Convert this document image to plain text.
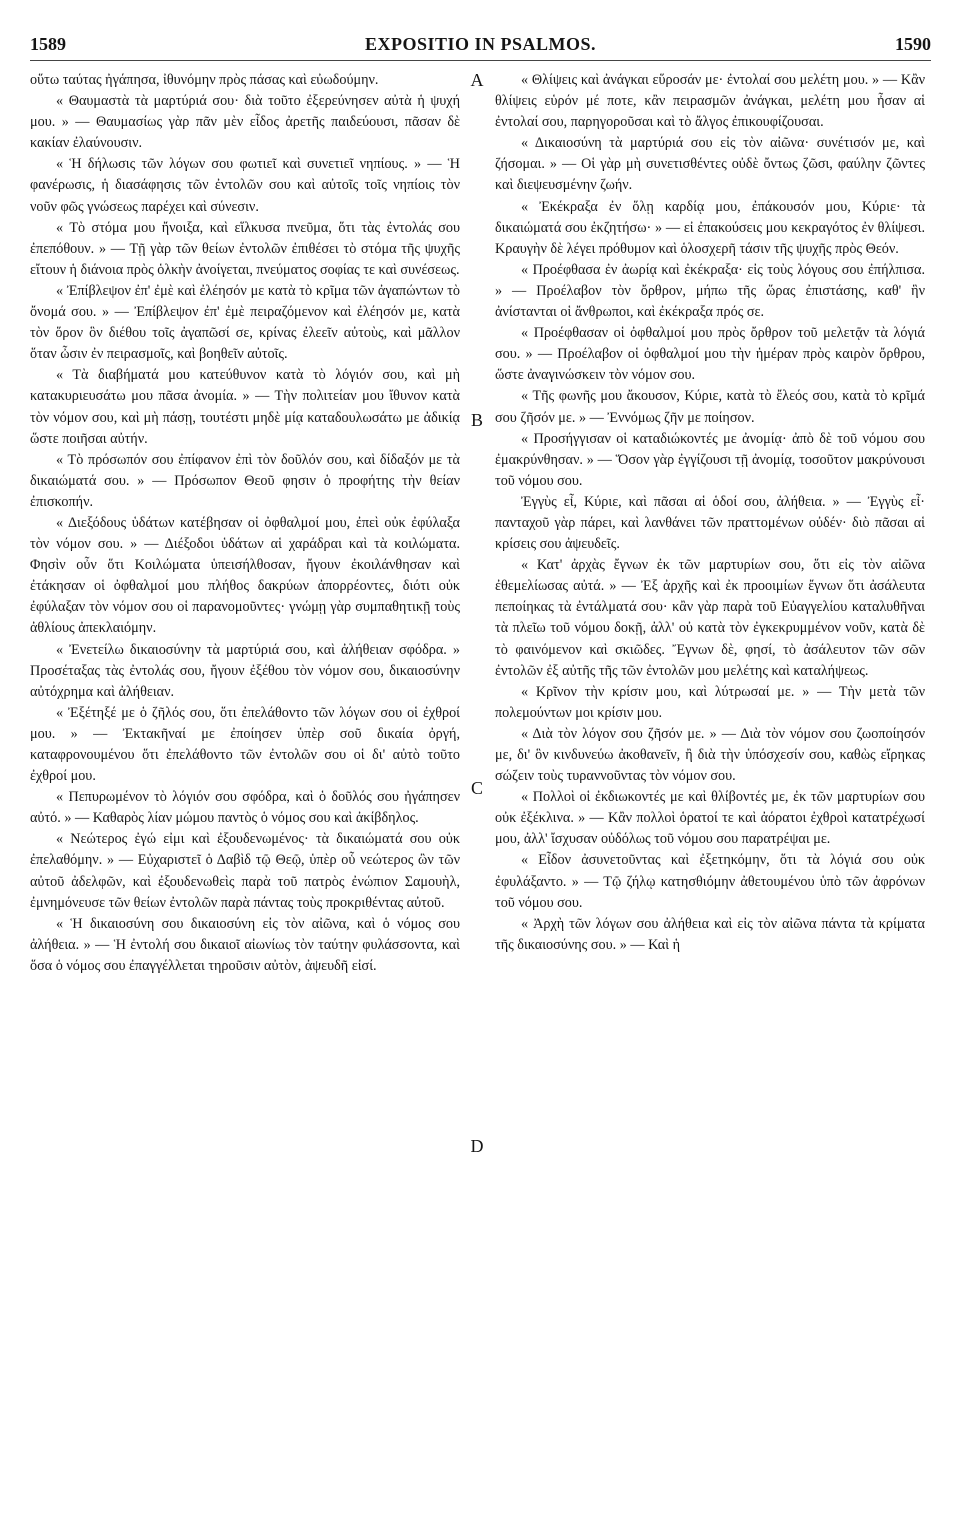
1589	EXPOSITIO IN PSALMOS.	1590

οὕτω ταύτας ἠγάπησα, ἰθυνόμην πρὸς πάσας καὶ εὐωδούμην.

« Θαυμαστὰ τὰ μαρτύριά σου· διὰ τοῦτο ἐξερεύνησεν αὐτὰ ἡ ψυχή μου. » — Θαυμασίως γὰρ πᾶν μὲν εἶδος ἀρετῆς παιδεύουσι, πᾶσαν δὲ κακίαν ἐλαύνουσιν.

« Ἡ δήλωσις τῶν λόγων σου φωτιεῖ καὶ συνετιεῖ νηπίους. » — Ἡ φανέρωσις, ἡ διασάφησις τῶν ἐντολῶν σου καὶ αὐτοῖς τοῖς νηπίοις τὸν νοῦν φῶς γνώσεως παρέχει καὶ σύνεσιν.

« Τὸ στόμα μου ἤνοιξα, καὶ εἵλκυσα πνεῦμα, ὅτι τὰς ἐντολάς σου ἐπεπόθουν. » — Τῇ γὰρ τῶν θείων ἐντολῶν ἐπιθέσει τὸ στόμα τῆς ψυχῆς εἴτουν ἡ διάνοια πρὸς ὁλκὴν ἀνοίγεται, πνεύματος σοφίας τε καὶ συνέσεως.

« Ἐπίβλεψον ἐπ' ἐμὲ καὶ ἐλέησόν με κατὰ τὸ κρῖμα τῶν ἀγαπώντων τὸ ὄνομά σου. » — Ἐπίβλεψον ἐπ' ἐμὲ πειραζόμενον καὶ ἐλέησόν με, κατὰ τὸν ὅρον ὃν διέθου τοῖς ἀγαπῶσί σε, κρίνας ἐλεεῖν αὐτοὺς, καὶ μᾶλλον ὅταν ὦσιν ἐν πειρασμοῖς, καὶ βοηθεῖν αὐτοῖς.

« Τὰ διαβήματά μου κατεύθυνον κατὰ τὸ λόγιόν σου, καὶ μὴ κατακυριευσάτω μου πᾶσα ἀνομία. » — Τὴν πολιτείαν μου ἴθυνον κατὰ τὸν νόμον σου, καὶ μὴ πάσῃ, τουτέστι μηδὲ μίᾳ καταδουλωσάτω με ἀδικίᾳ ὥστε ποιῆσαι αὐτήν.

« Τὸ πρόσωπόν σου ἐπίφανον ἐπὶ τὸν δοῦλόν σου, καὶ δίδαξόν με τὰ δικαιώματά σου. » — Πρόσωπον Θεοῦ φησιν ὁ προφήτης τὴν θείαν ἐπισκοπήν.

« Διεξόδους ὑδάτων κατέβησαν οἱ ὀφθαλμοί μου, ἐπεὶ οὐκ ἐφύλαξα τὸν νόμον σου. » — Διέξοδοι ὑδάτων αἱ χαράδραι καὶ τὰ κοιλώματα. Φησὶν οὖν ὅτι Κοιλώματα ὑπεισήλθοσαν, ἤγουν ἐκοιλάνθησαν καὶ ἐτάκησαν οἱ ὀφθαλμοί μου πλήθος δακρύων ἀπορρέοντες, διότι οὐκ ἐφύλαξαν τὸν νόμον σου οἱ παρανομοῦντες· γνώμῃ γὰρ συμπαθητικῇ τοὺς ἀθλίους ἀπεκλαιόμην.

« Ἐνετείλω δικαιοσύνην τὰ μαρτύριά σου, καὶ ἀλήθειαν σφόδρα. » Προσέταξας τὰς ἐντολάς σου, ἤγουν ἐξέθου τὸν νόμον σου, δικαιοσύνην αὐτόχρημα καὶ ἀλήθειαν.

« Ἐξέτηξέ με ὁ ζῆλός σου, ὅτι ἐπελάθοντο τῶν λόγων σου οἱ ἐχθροί μου. » — Ἐκτακῆναί με ἐποίησεν ὑπὲρ σοῦ δικαία ὀργή, καταφρονουμένου ὅτι ἐπελάθοντο τῶν ἐντολῶν σου οἱ δι' αὐτὸ τοῦτο ἐχθροί μου.

« Πεπυρωμένον τὸ λόγιόν σου σφόδρα, καὶ ὁ δοῦλός σου ἠγάπησεν αὐτό. » — Καθαρὸς λίαν μώμου παντὸς ὁ νόμος σου καὶ ἀκίβδηλος.

« Νεώτερος ἐγώ εἰμι καὶ ἐξουδενωμένος· τὰ δικαιώματά σου οὐκ ἐπελαθόμην. » — Εὐχαριστεῖ ὁ Δαβὶδ τῷ Θεῷ, ὑπὲρ οὗ νεώτερος ὢν τῶν αὐτοῦ ἀδελφῶν, καὶ ἐξουδενωθεὶς παρὰ τοῦ πατρὸς ἐνώπιον Σαμουὴλ, ἐμνημόνευσε τῶν θείων ἐντολῶν παρὰ πάντας τοὺς προκριθέντας αὐτοῦ.

« Ἡ δικαιοσύνη σου δικαιοσύνη εἰς τὸν αἰῶνα, καὶ ὁ νόμος σου ἀλήθεια. » — Ἡ ἐντολή σου δικαιοῖ αἰωνίως τὸν ταύτην φυλάσσοντα, καὶ ὅσα ὁ νόμος σου ἐπαγγέλλεται τηροῦσιν αὐτὸν, ἀψευδῆ εἰσί.

A
B
C
D

« Θλίψεις καὶ ἀνάγκαι εὕροσάν με· ἐντολαί σου μελέτη μου. » — Κἂν θλίψεις εὑρόν μέ ποτε, κἂν πειρασμῶν ἀνάγκαι, μελέτη μου ἦσαν αἱ ἐντολαί σου, παρηγοροῦσαι καὶ τὸ ἄλγος ἐπικουφίζουσαι.

« Δικαιοσύνη τὰ μαρτύριά σου εἰς τὸν αἰῶνα· συνέτισόν με, καὶ ζήσομαι. » — Οἱ γὰρ μὴ συνετισθέντες οὐδὲ ὄντως ζῶσι, φαύλην ζῶντες καὶ διεψευσμένην ζωήν.

« Ἐκέκραξα ἐν ὅλῃ καρδίᾳ μου, ἐπάκουσόν μου, Κύριε· τὰ δικαιώματά σου ἐκζητήσω· » — εἰ ἐπακούσεις μου κεκραγότος ἐν θλίψεσι. Κραυγὴν δὲ λέγει πρόθυμον καὶ ὁλοσχερῆ τάσιν τῆς ψυχῆς πρὸς Θεόν.

« Προέφθασα ἐν ἀωρίᾳ καὶ ἐκέκραξα· εἰς τοὺς λόγους σου ἐπήλπισα. » — Προέλαβον τὸν ὄρθρον, μήπω τῆς ὥρας ἐπιστάσης, καθ' ἣν ἀνίστανται οἱ ἄνθρωποι, καὶ ἐκέκραξα πρός σε.

« Προέφθασαν οἱ ὀφθαλμοί μου πρὸς ὄρθρον τοῦ μελετᾷν τὰ λόγιά σου. » — Προέλαβον οἱ ὀφθαλμοί μου τὴν ἡμέραν πρὸς καιρὸν ὄρθρου, ὥστε ἀναγινώσκειν τὸν νόμον σου.

« Τῆς φωνῆς μου ἄκουσον, Κύριε, κατὰ τὸ ἔλεός σου, κατὰ τὸ κρῖμά σου ζῆσόν με. » — Ἐννόμως ζῆν με ποίησον.

« Προσήγγισαν οἱ καταδιώκοντές με ἀνομίᾳ· ἀπὸ δὲ τοῦ νόμου σου ἐμακρύνθησαν. » — Ὅσον γὰρ ἐγγίζουσι τῇ ἀνομίᾳ, τοσοῦτον μακρύνουσι τοῦ νόμου σου.

Ἐγγὺς εἶ, Κύριε, καὶ πᾶσαι αἱ ὁδοί σου, ἀλήθεια. » — Ἐγγὺς εἶ· πανταχοῦ γὰρ πάρει, καὶ λανθάνει τῶν πραττομένων οὐδέν· διὸ πᾶσαι αἱ κρίσεις σου ἀψευδεῖς.

« Κατ' ἀρχὰς ἔγνων ἐκ τῶν μαρτυρίων σου, ὅτι εἰς τὸν αἰῶνα ἐθεμελίωσας αὐτά. » — Ἐξ ἀρχῆς καὶ ἐκ προοιμίων ἔγνων ὅτι ἀσάλευτα πεποίηκας τὰ ἐντάλματά σου· κἂν γὰρ παρὰ τοῦ Εὐαγγελίου καταλυθῆναι τὰ πλεῖω τοῦ νόμου δοκῇ, ἀλλ' οὐ κατὰ τὸν ἐγκεκρυμμένον νοῦν, κατὰ δὲ τὸ φαινόμενον καὶ σκιῶδες. Ἔγνων δὲ, φησί, τὸ ἀσάλευτον τῶν σῶν ἐντολῶν ἐξ αὐτῆς τῆς τῶν ἐντολῶν μου μελέτης καὶ καταλήψεως.

« Κρῖνον τὴν κρίσιν μου, καὶ λύτρωσαί με. » — Τὴν μετὰ τῶν πολεμούντων μοι κρίσιν μου.

« Διὰ τὸν λόγον σου ζῆσόν με. » — Διὰ τὸν νόμον σου ζωοποίησόν με, δι' ὃν κινδυνεύω ἀκοθανεῖν, ἢ διὰ τὴν ὑπόσχεσίν σου, καθὼς εἴρηκας σώζειν τοὺς τυραννοῦντας τὸν νόμον σου.

« Πολλοὶ οἱ ἐκδιωκοντές με καὶ θλίβοντές με, ἐκ τῶν μαρτυρίων σου οὐκ ἐξέκλινα. » — Κἂν πολλοὶ ὁρατοί τε καὶ ἀόρατοι ἐχθροὶ κατατρέχωσί μου, ἀλλ' ἴσχυσαν οὐδόλως τοῦ νόμου σου παρατρέψαι με.

« Εἶδον ἀσυνετοῦντας καὶ ἐξετηκόμην, ὅτι τὰ λόγιά σου οὐκ ἐφυλάξαντο. » — Τῷ ζήλῳ κατησθιόμην ἀθετουμένου ὑπὸ τῶν ἀφρόνων τοῦ νόμου σου.

« Ἀρχὴ τῶν λόγων σου ἀλήθεια καὶ εἰς τὸν αἰῶνα πάντα τὰ κρίματα τῆς δικαιοσύνης σου. » — Καὶ ἡ
